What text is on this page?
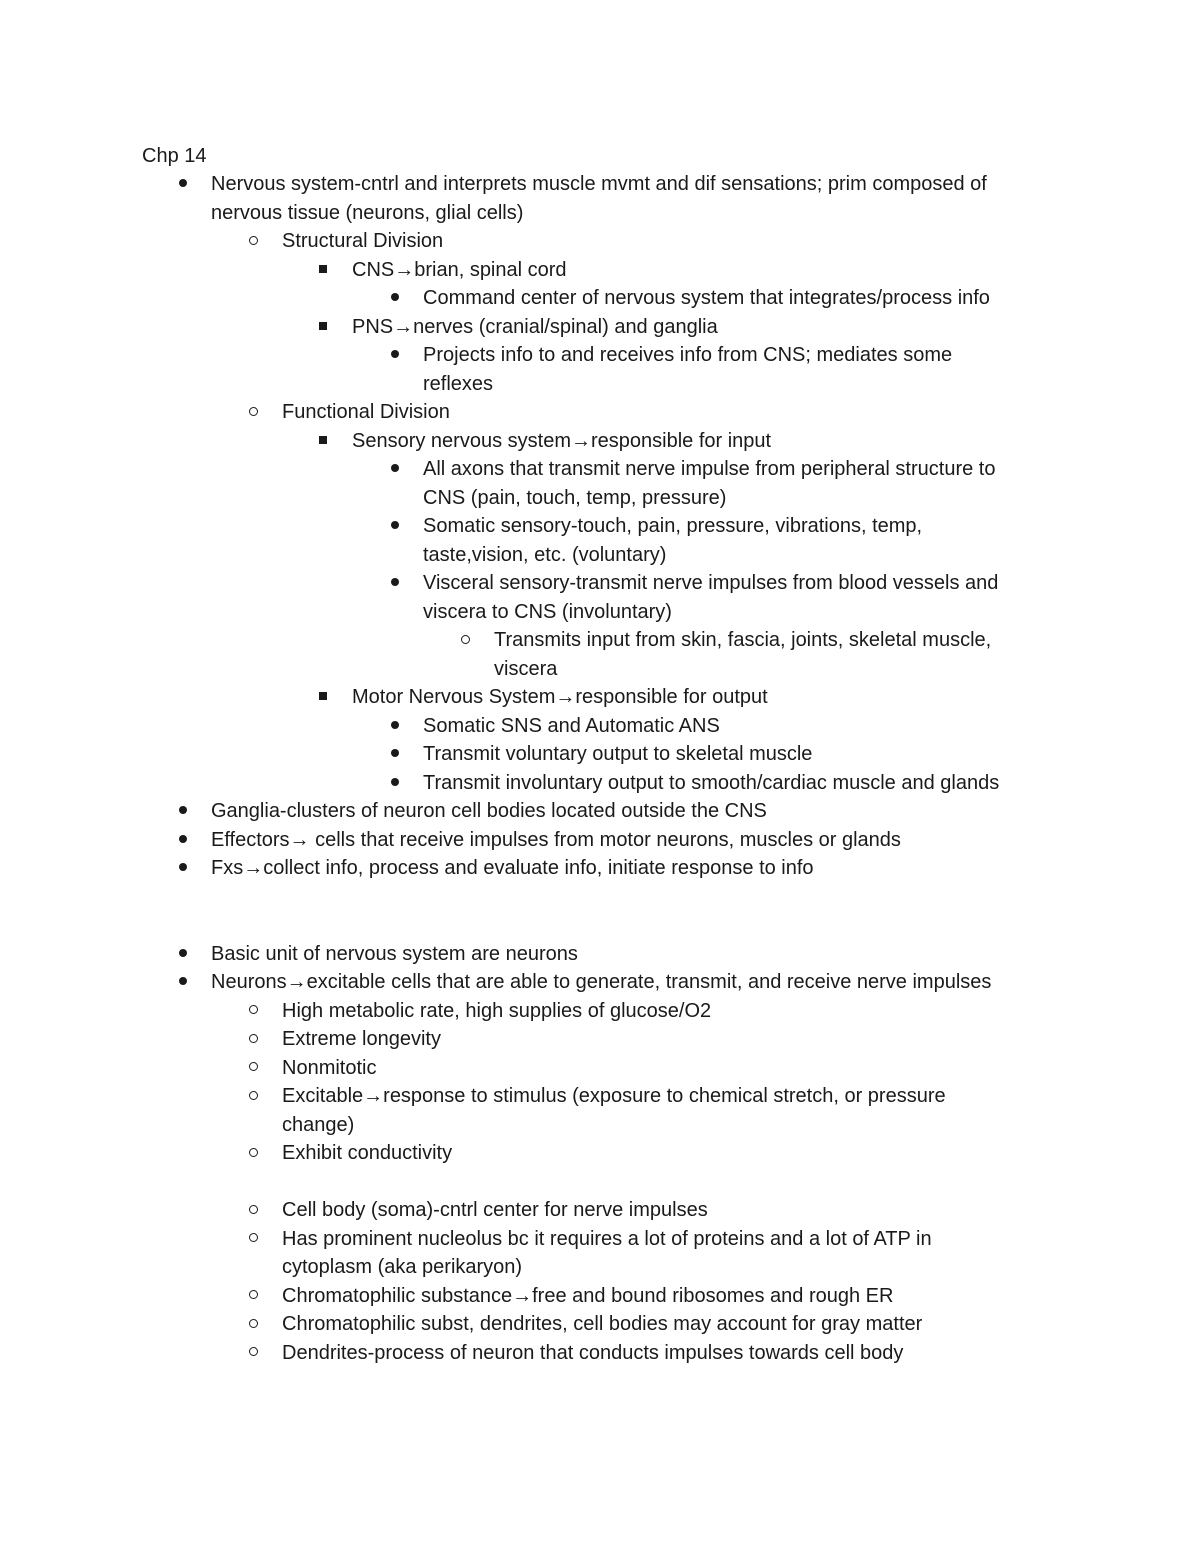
Chp 14
Nervous system-cntrl and interprets muscle mvmt and dif sensations; prim composed of
nervous tissue (neurons, glial cells)
Structural Division
CNS→brian, spinal cord
Command center of nervous system that integrates/process info
PNS→nerves (cranial/spinal) and ganglia
Projects info to and receives info from CNS; mediates some
reflexes
Functional Division
Sensory nervous system→responsible for input
All axons that transmit nerve impulse from peripheral structure to
CNS (pain, touch, temp, pressure)
Somatic sensory-touch, pain, pressure, vibrations, temp,
taste,vision, etc. (voluntary)
Visceral sensory-transmit nerve impulses from blood vessels and
viscera to CNS (involuntary)
Transmits input from skin, fascia, joints, skeletal muscle,
viscera
Motor Nervous System→responsible for output
Somatic SNS and Automatic ANS
Transmit voluntary output to skeletal muscle
Transmit involuntary output to smooth/cardiac muscle and glands
Ganglia-clusters of neuron cell bodies located outside the CNS
Effectors→ cells that receive impulses from motor neurons, muscles or glands
Fxs→collect info, process and evaluate info, initiate response to info
Basic unit of nervous system are neurons
Neurons→excitable cells that are able to generate, transmit, and receive nerve impulses
High metabolic rate, high supplies of glucose/O2
Extreme longevity
Nonmitotic
Excitable→response to stimulus (exposure to chemical stretch, or pressure
change)
Exhibit conductivity
Cell body (soma)-cntrl center for nerve impulses
Has prominent nucleolus bc it requires a lot of proteins and a lot of ATP in
cytoplasm (aka perikaryon)
Chromatophilic substance→free and bound ribosomes and rough ER
Chromatophilic subst, dendrites, cell bodies may account for gray matter
Dendrites-process of neuron that conducts impulses towards cell body
